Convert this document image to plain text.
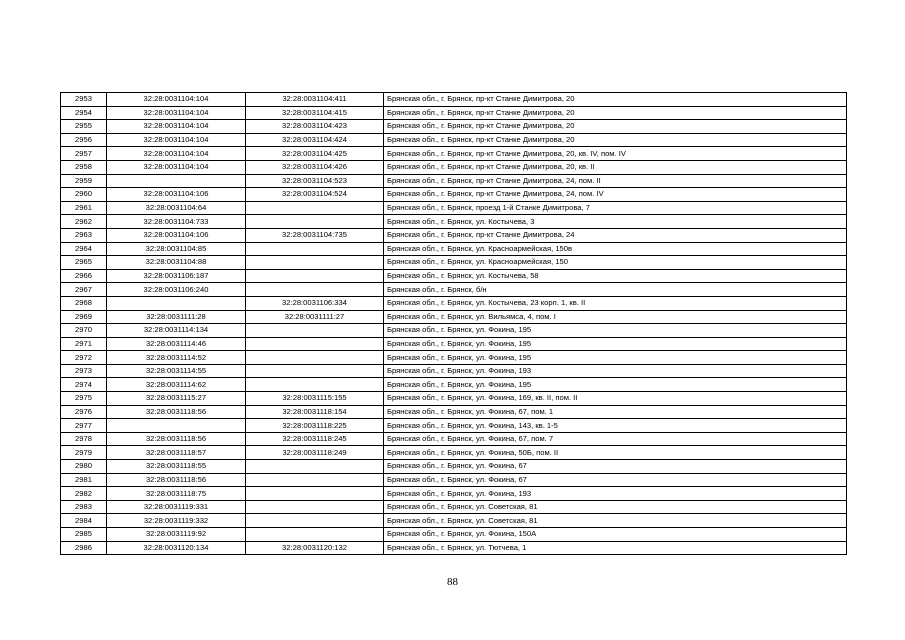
2953	32:28:0031104:104	32:28:0031104:411	Брянская обл., г. Брянск, пр-кт Станке Димитрова, 20
2954	32:28:0031104:104	32:28:0031104:415	Брянская обл., г. Брянск, пр-кт Станке Димитрова, 20
2955	32:28:0031104:104	32:28:0031104:423	Брянская обл., г. Брянск, пр-кт Станке Димитрова, 20
2956	32:28:0031104:104	32:28:0031104:424	Брянская обл., г. Брянск, пр-кт Станке Димитрова, 20
2957	32:28:0031104:104	32:28:0031104:425	Брянская обл., г. Брянск, пр-кт Станке Димитрова, 20, кв. IV, пом. IV
2958	32:28:0031104:104	32:28:0031104:426	Брянская обл., г. Брянск, пр-кт Станке Димитрова, 20, кв. II
2959		32:28:0031104:523	Брянская обл., г. Брянск, пр-кт Станке Димитрова, 24, пом. II
2960	32:28:0031104:106	32:28:0031104:524	Брянская обл., г. Брянск, пр-кт Станке Димитрова, 24, пом. IV
2961	32:28:0031104:64		Брянская обл., г. Брянск, проезд 1-й Станке Димитрова, 7
2962	32:28:0031104:733		Брянская обл., г. Брянск, ул. Костычева, 3
2963	32:28:0031104:106	32:28:0031104:735	Брянская обл., г. Брянск, пр-кт Станке Димитрова, 24
2964	32:28:0031104:85		Брянская обл., г. Брянск, ул. Красноармейская, 150в
2965	32:28:0031104:88		Брянская обл., г. Брянск, ул. Красноармейская, 150
2966	32:28:0031106:187		Брянская обл., г. Брянск, ул. Костычева, 58
2967	32:28:0031106:240		Брянская обл., г. Брянск, б/н
2968		32:28:0031106:334	Брянская обл., г. Брянск, ул. Костычева, 23 корп. 1, кв. II
2969	32:28:0031111:28	32:28:0031111:27	Брянская обл., г. Брянск, ул. Вильямса, 4, пом. I
2970	32:28:0031114:134		Брянская обл., г. Брянск, ул. Фокина, 195
2971	32:28:0031114:46		Брянская обл., г. Брянск, ул. Фокина, 195
2972	32:28:0031114:52		Брянская обл., г. Брянск, ул. Фокина, 195
2973	32:28:0031114:55		Брянская обл., г. Брянск, ул. Фокина, 193
2974	32:28:0031114:62		Брянская обл., г. Брянск, ул. Фокина, 195
2975	32:28:0031115:27	32:28:0031115:155	Брянская обл., г. Брянск, ул. Фокина, 169, кв. II, пом. II
2976	32:28:0031118:56	32:28:0031118:154	Брянская обл., г. Брянск, ул. Фокина, 67, пом. 1
2977		32:28:0031118:225	Брянская обл., г. Брянск, ул. Фокина, 143, кв. 1-5
2978	32:28:0031118:56	32:28:0031118:245	Брянская обл., г. Брянск, ул. Фокина, 67, пом. 7
2979	32:28:0031118:57	32:28:0031118:249	Брянская обл., г. Брянск, ул. Фокина, 50Б, пом. II
2980	32:28:0031118:55		Брянская обл., г. Брянск, ул. Фокина, 67
2981	32:28:0031118:56		Брянская обл., г. Брянск, ул. Фокина, 67
2982	32:28:0031118:75		Брянская обл., г. Брянск, ул. Фокина, 193
2983	32:28:0031119:331		Брянская обл., г. Брянск, ул. Советская, 81
2984	32:28:0031119:332		Брянская обл., г. Брянск, ул. Советская, 81
2985	32:28:0031119:92		Брянская обл., г. Брянск, ул. Фокина, 150А
2986	32:28:0031120:134	32:28:0031120:132	Брянская обл., г. Брянск, ул. Тютчева, 1
88
